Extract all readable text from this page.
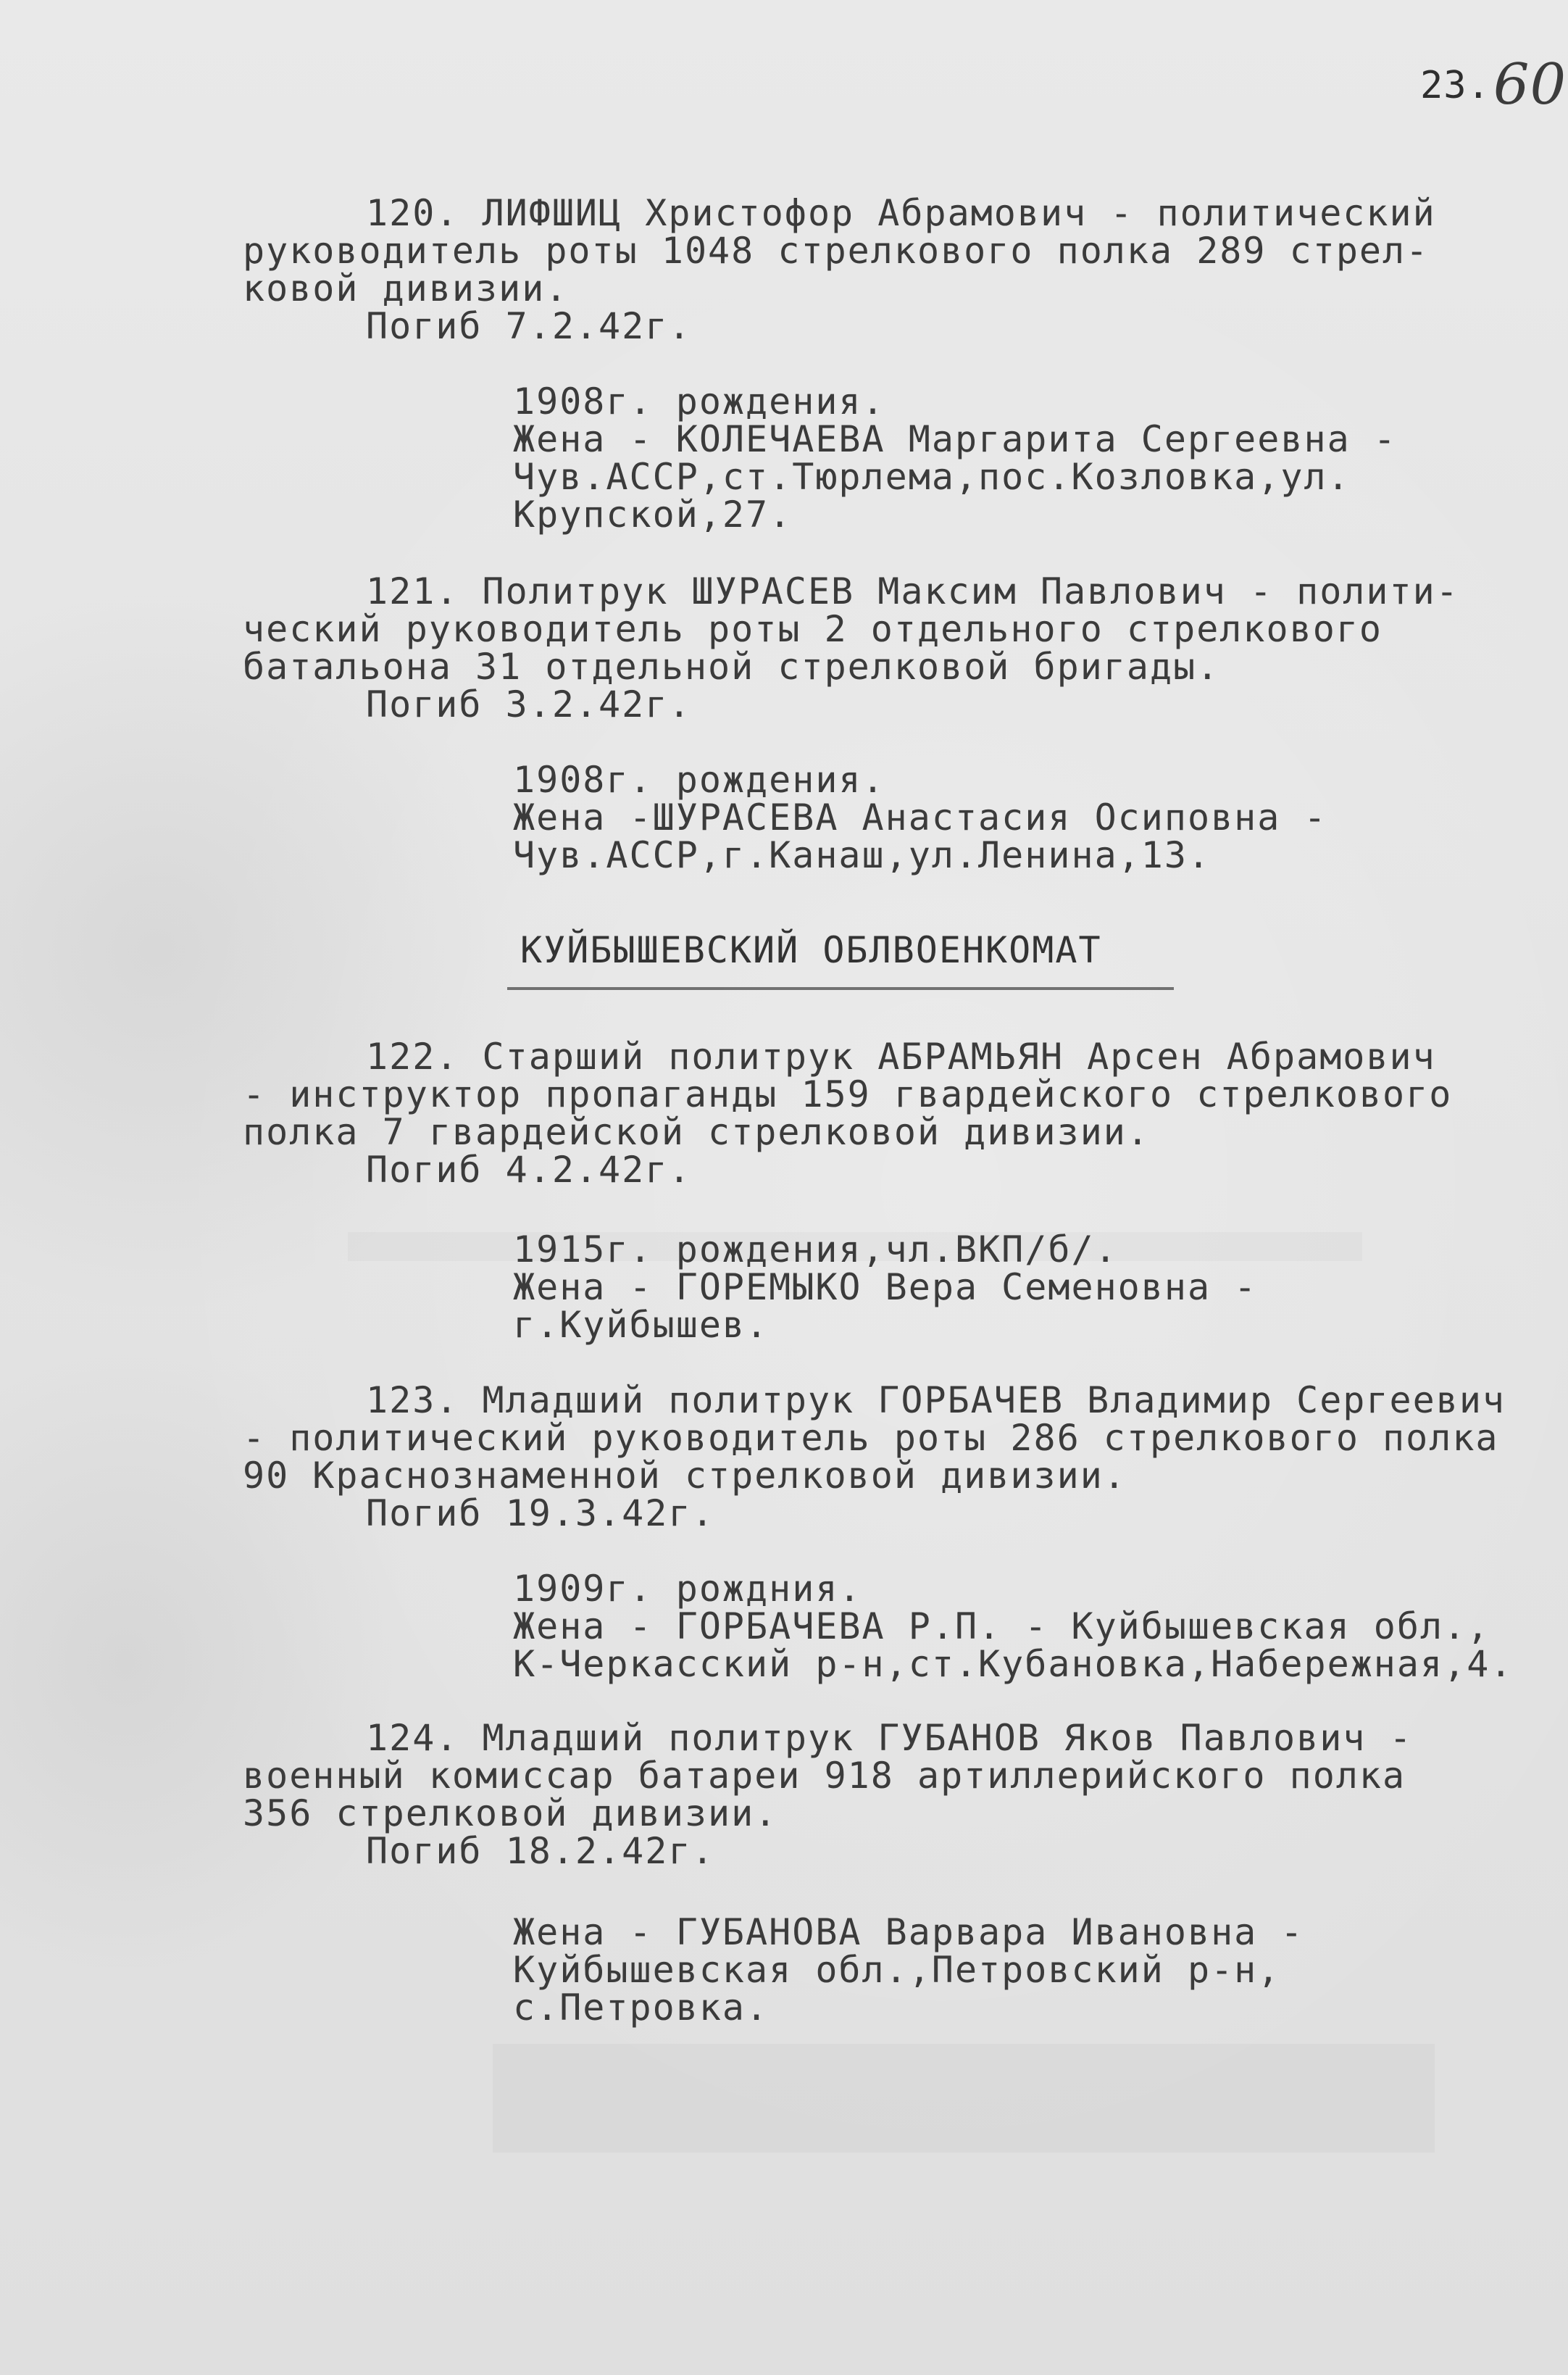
23.60
120. ЛИФШИЦ Христофор Абрамович - политический
руководитель роты 1048 стрелкового полка 289 стрел-
ковой дивизии.
Погиб 7.2.42г.
1908г. рождения.
Жена - КОЛЕЧАЕВА Маргарита Сергеевна -
Чув.АССР,ст.Тюрлема,пос.Козловка,ул.
Крупской,27.
121. Политрук ШУРАСЕВ Максим Павлович - полити-
ческий руководитель роты 2 отдельного стрелкового
батальона 31 отдельной стрелковой бригады.
Погиб 3.2.42г.
1908г. рождения.
Жена -ШУРАСЕВА Анастасия Осиповна -
Чув.АССР,г.Канаш,ул.Ленина,13.
КУЙБЫШЕВСКИЙ ОБЛВОЕНКОМАТ
122. Старший политрук АБРАМЬЯН Арсен Абрамович
- инструктор пропаганды 159 гвардейского стрелкового
полка 7 гвардейской стрелковой дивизии.
Погиб 4.2.42г.
1915г. рождения,чл.ВКП/б/.
Жена - ГОРЕМЫКО Вера Семеновна -
г.Куйбышев.
123. Младший политрук ГОРБАЧЕВ Владимир Сергеевич
- политический руководитель роты 286 стрелкового полка
90 Краснознаменной стрелковой дивизии.
Погиб 19.3.42г.
1909г. рождния.
Жена - ГОРБАЧЕВА Р.П. - Куйбышевская обл.,
К-Черкасский р-н,ст.Кубановка,Набережная,4.
124. Младший политрук ГУБАНОВ Яков Павлович -
военный комиссар батареи 918 артиллерийского полка
356 стрелковой дивизии.
Погиб 18.2.42г.
Жена - ГУБАНОВА Варвара Ивановна -
Куйбышевская обл.,Петровский р-н,
с.Петровка.
